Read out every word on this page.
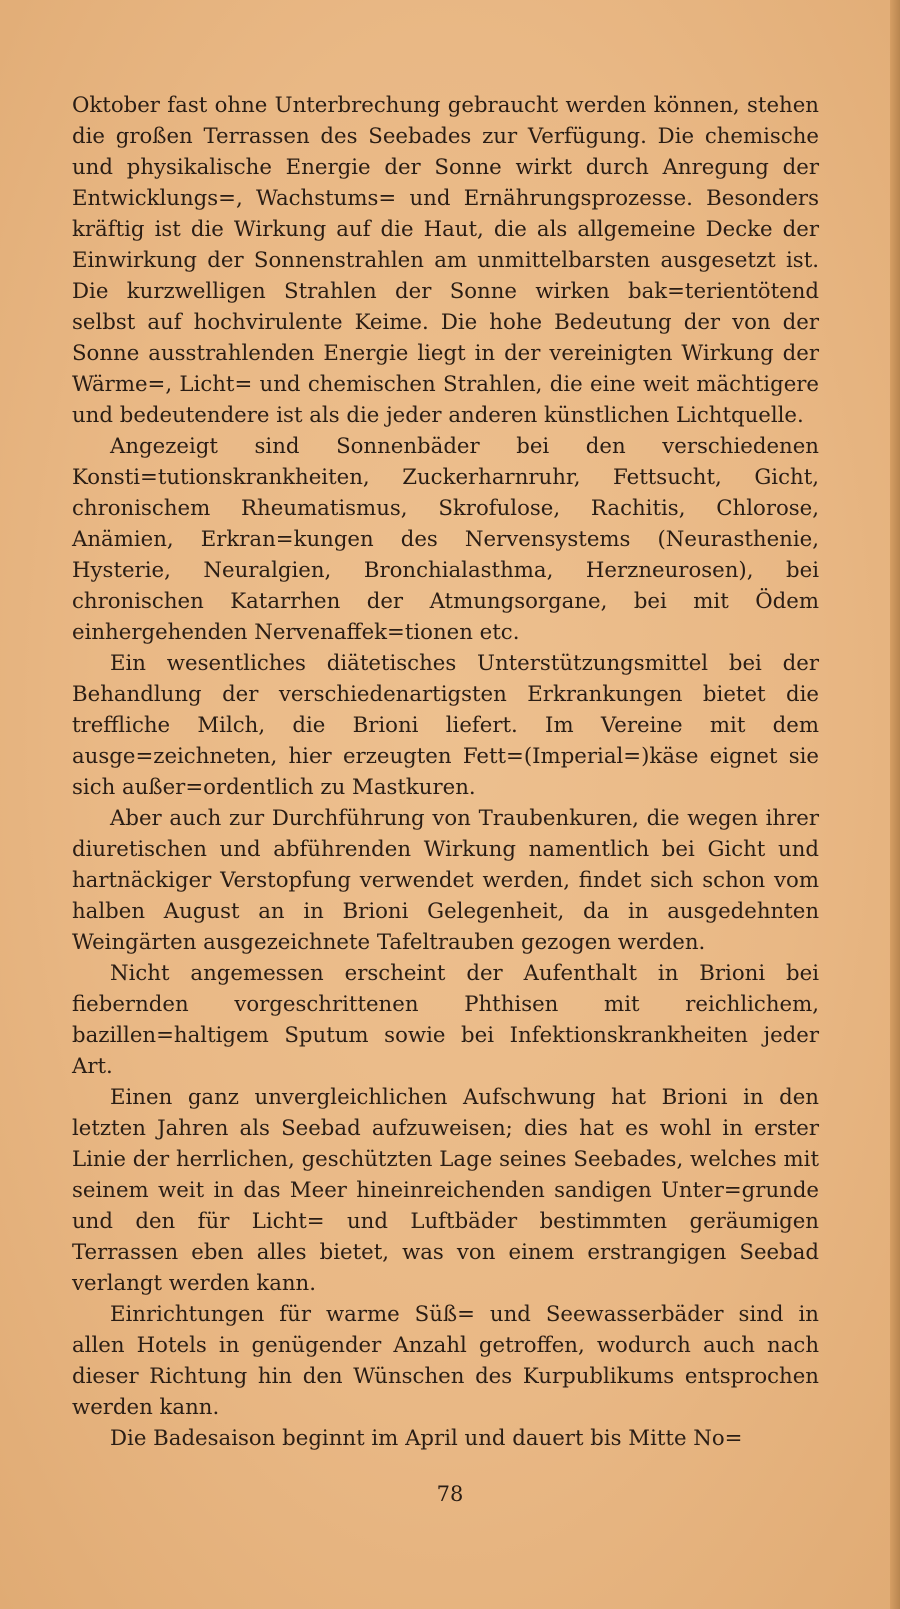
Oktober fast ohne Unterbrechung gebraucht werden können, stehen die großen Terrassen des Seebades zur Verfügung. Die chemische und physikalische Energie der Sonne wirkt durch Anregung der Entwicklungs=, Wachstums= und Ernährungsprozesse. Besonders kräftig ist die Wirkung auf die Haut, die als allgemeine Decke der Einwirkung der Sonnenstrahlen am unmittelbarsten ausgesetzt ist. Die kurzwelligen Strahlen der Sonne wirken bak=terientötend selbst auf hochvirulente Keime. Die hohe Bedeutung der von der Sonne ausstrahlenden Energie liegt in der vereinigten Wirkung der Wärme=, Licht= und chemischen Strahlen, die eine weit mächtigere und bedeutendere ist als die jeder anderen künstlichen Lichtquelle.

Angezeigt sind Sonnenbäder bei den verschiedenen Konsti=tutionskrankheiten, Zuckerharnruhr, Fettsucht, Gicht, chronischem Rheumatismus, Skrofulose, Rachitis, Chlorose, Anämien, Erkran=kungen des Nervensystems (Neurasthenie, Hysterie, Neuralgien, Bronchialasthma, Herzneurosen), bei chronischen Katarrhen der Atmungsorgane, bei mit Ödem einhergehenden Nervenaffek=tionen etc.

Ein wesentliches diätetisches Unterstützungsmittel bei der Behandlung der verschiedenartigsten Erkrankungen bietet die treffliche Milch, die Brioni liefert. Im Vereine mit dem ausge=zeichneten, hier erzeugten Fett=(Imperial=)käse eignet sie sich außer=ordentlich zu Mastkuren.

Aber auch zur Durchführung von Traubenkuren, die wegen ihrer diuretischen und abführenden Wirkung namentlich bei Gicht und hartnäckiger Verstopfung verwendet werden, findet sich schon vom halben August an in Brioni Gelegenheit, da in ausgedehnten Weingärten ausgezeichnete Tafeltrauben gezogen werden.

Nicht angemessen erscheint der Aufenthalt in Brioni bei fiebernden vorgeschrittenen Phthisen mit reichlichem, bazillen=haltigem Sputum sowie bei Infektionskrankheiten jeder Art.

Einen ganz unvergleichlichen Aufschwung hat Brioni in den letzten Jahren als Seebad aufzuweisen; dies hat es wohl in erster Linie der herrlichen, geschützten Lage seines Seebades, welches mit seinem weit in das Meer hineinreichenden sandigen Unter=grunde und den für Licht= und Luftbäder bestimmten geräumigen Terrassen eben alles bietet, was von einem erstrangigen Seebad verlangt werden kann.

Einrichtungen für warme Süß= und Seewasserbäder sind in allen Hotels in genügender Anzahl getroffen, wodurch auch nach dieser Richtung hin den Wünschen des Kurpublikums entsprochen werden kann.

Die Badesaison beginnt im April und dauert bis Mitte No=

78
